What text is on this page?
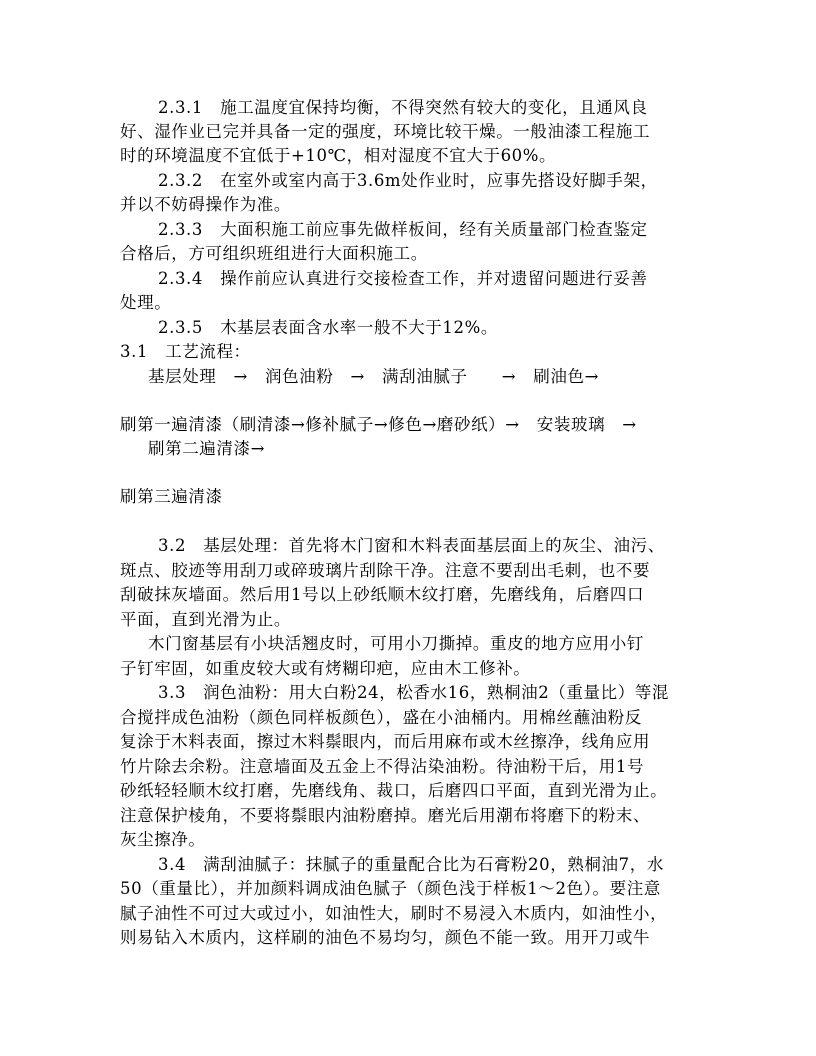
2.3.1　施工温度宜保持均衡，不得突然有较大的变化，且通风良
好、湿作业已完并具备一定的强度，环境比较干燥。一般油漆工程施工
时的环境温度不宜低于+10℃，相对湿度不宜大于60%。
2.3.2　在室外或室内高于3.6m处作业时，应事先搭设好脚手架，
并以不妨碍操作为准。
2.3.3　大面积施工前应事先做样板间，经有关质量部门检查鉴定
合格后，方可组织班组进行大面积施工。
2.3.4　操作前应认真进行交接检查工作，并对遗留问题进行妥善
处理。
2.3.5　木基层表面含水率一般不大于12%。
3.1　工艺流程：
基层处理　→　润色油粉　→　满刮油腻子　　→　刷油色→
刷第一遍清漆（刷清漆→修补腻子→修色→磨砂纸）→　安装玻璃　→
刷第二遍清漆→
刷第三遍清漆
3.2　基层处理：首先将木门窗和木料表面基层面上的灰尘、油污、
斑点、胶迹等用刮刀或碎玻璃片刮除干净。注意不要刮出毛刺，也不要
刮破抹灰墙面。然后用1号以上砂纸顺木纹打磨，先磨线角，后磨四口
平面，直到光滑为止。
木门窗基层有小块活翘皮时，可用小刀撕掉。重皮的地方应用小钉
子钉牢固，如重皮较大或有烤糊印疤，应由木工修补。
3.3　润色油粉：用大白粉24，松香水16，熟桐油2（重量比）等混
合搅拌成色油粉（颜色同样板颜色），盛在小油桶内。用棉丝蘸油粉反
复涂于木料表面，擦过木料鬃眼内，而后用麻布或木丝擦净，线角应用
竹片除去余粉。注意墙面及五金上不得沾染油粉。待油粉干后，用1号
砂纸轻轻顺木纹打磨，先磨线角、裁口，后磨四口平面，直到光滑为止。
注意保护棱角，不要将鬃眼内油粉磨掉。磨光后用潮布将磨下的粉末、
灰尘擦净。
3.4　满刮油腻子：抹腻子的重量配合比为石膏粉20，熟桐油7，水
50（重量比），并加颜料调成油色腻子（颜色浅于样板1～2色）。要注意
腻子油性不可过大或过小，如油性大，刷时不易浸入木质内，如油性小，
则易钻入木质内，这样刷的油色不易均匀，颜色不能一致。用开刀或牛
